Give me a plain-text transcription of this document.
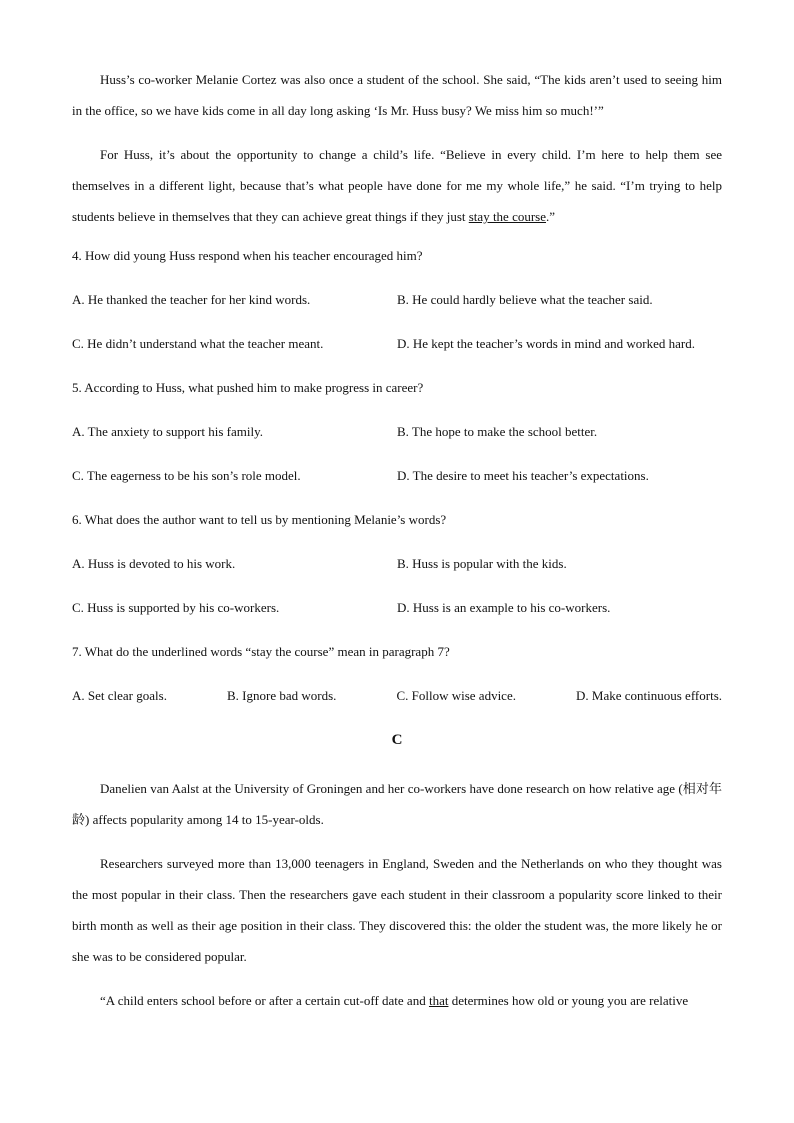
Huss’s co-worker Melanie Cortez was also once a student of the school. She said, “The kids aren’t used to seeing him in the office, so we have kids come in all day long asking ‘Is Mr. Huss busy? We miss him so much!’”

For Huss, it’s about the opportunity to change a child’s life. “Believe in every child. I’m here to help them see themselves in a different light, because that’s what people have done for me my whole life,” he said. “I’m trying to help students believe in themselves that they can achieve great things if they just stay the course.”

4. How did young Huss respond when his teacher encouraged him?
A. He thanked the teacher for her kind words.	B. He could hardly believe what the teacher said.
C. He didn’t understand what the teacher meant.	D. He kept the teacher’s words in mind and worked hard.
5. According to Huss, what pushed him to make progress in career?
A. The anxiety to support his family.	B. The hope to make the school better.
C. The eagerness to be his son’s role model.	D. The desire to meet his teacher’s expectations.
6. What does the author want to tell us by mentioning Melanie’s words?
A. Huss is devoted to his work.	B. Huss is popular with the kids.
C. Huss is supported by his co-workers.	D. Huss is an example to his co-workers.
7. What do the underlined words “stay the course” mean in paragraph 7?
A. Set clear goals.	B. Ignore bad words.	C. Follow wise advice.	D. Make continuous efforts.
C

Danelien van Aalst at the University of Groningen and her co-workers have done research on how relative age (相对年龄) affects popularity among 14 to 15-year-olds.

Researchers surveyed more than 13,000 teenagers in England, Sweden and the Netherlands on who they thought was the most popular in their class. Then the researchers gave each student in their classroom a popularity score linked to their birth month as well as their age position in their class. They discovered this: the older the student was, the more likely he or she was to be considered popular.

“A child enters school before or after a certain cut-off date and that determines how old or young you are relative
